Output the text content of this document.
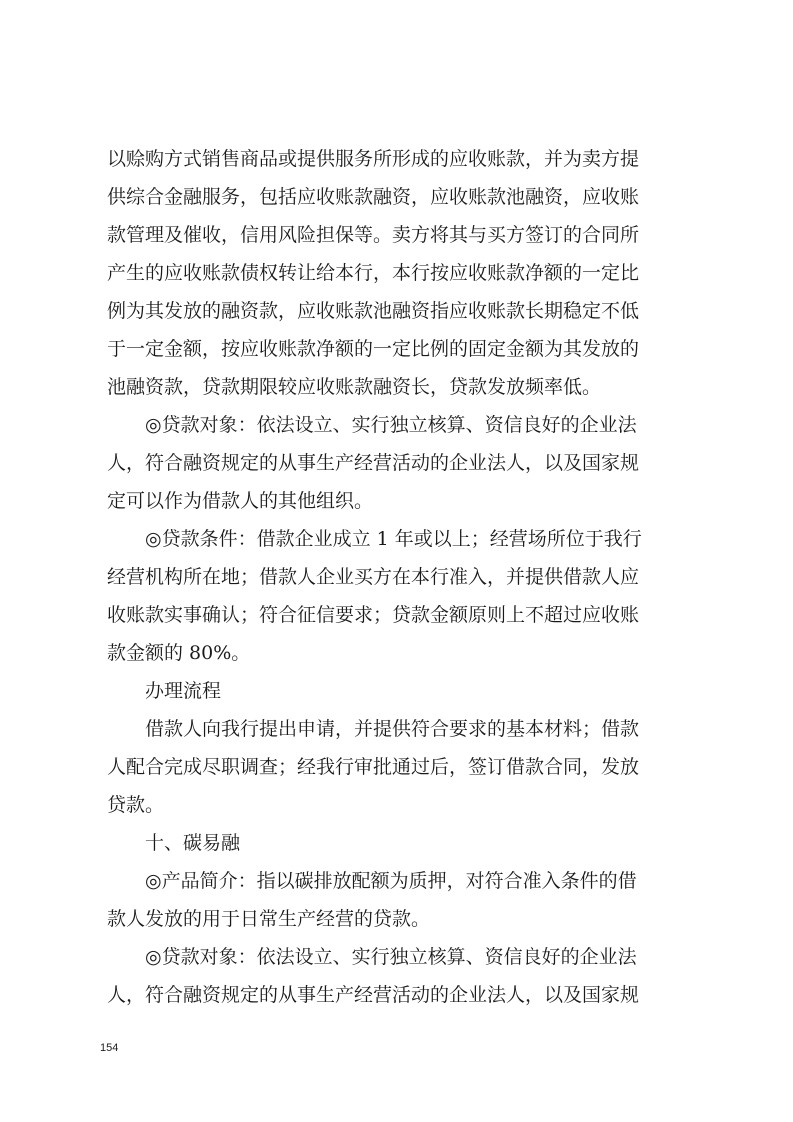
以赊购方式销售商品或提供服务所形成的应收账款，并为卖方提

供综合金融服务，包括应收账款融资，应收账款池融资，应收账

款管理及催收，信用风险担保等。卖方将其与买方签订的合同所

产生的应收账款债权转让给本行，本行按应收账款净额的一定比

例为其发放的融资款，应收账款池融资指应收账款长期稳定不低

于一定金额，按应收账款净额的一定比例的固定金额为其发放的

池融资款，贷款期限较应收账款融资长，贷款发放频率低。

◎贷款对象：依法设立、实行独立核算、资信良好的企业法

人，符合融资规定的从事生产经营活动的企业法人，以及国家规

定可以作为借款人的其他组织。

◎贷款条件：借款企业成立 1 年或以上；经营场所位于我行

经营机构所在地；借款人企业买方在本行准入，并提供借款人应

收账款实事确认；符合征信要求；贷款金额原则上不超过应收账

款金额的 80%。

办理流程

借款人向我行提出申请，并提供符合要求的基本材料；借款

人配合完成尽职调查；经我行审批通过后，签订借款合同，发放

贷款。

十、碳易融

◎产品简介：指以碳排放配额为质押，对符合准入条件的借

款人发放的用于日常生产经营的贷款。

◎贷款对象：依法设立、实行独立核算、资信良好的企业法

人，符合融资规定的从事生产经营活动的企业法人，以及国家规

154
